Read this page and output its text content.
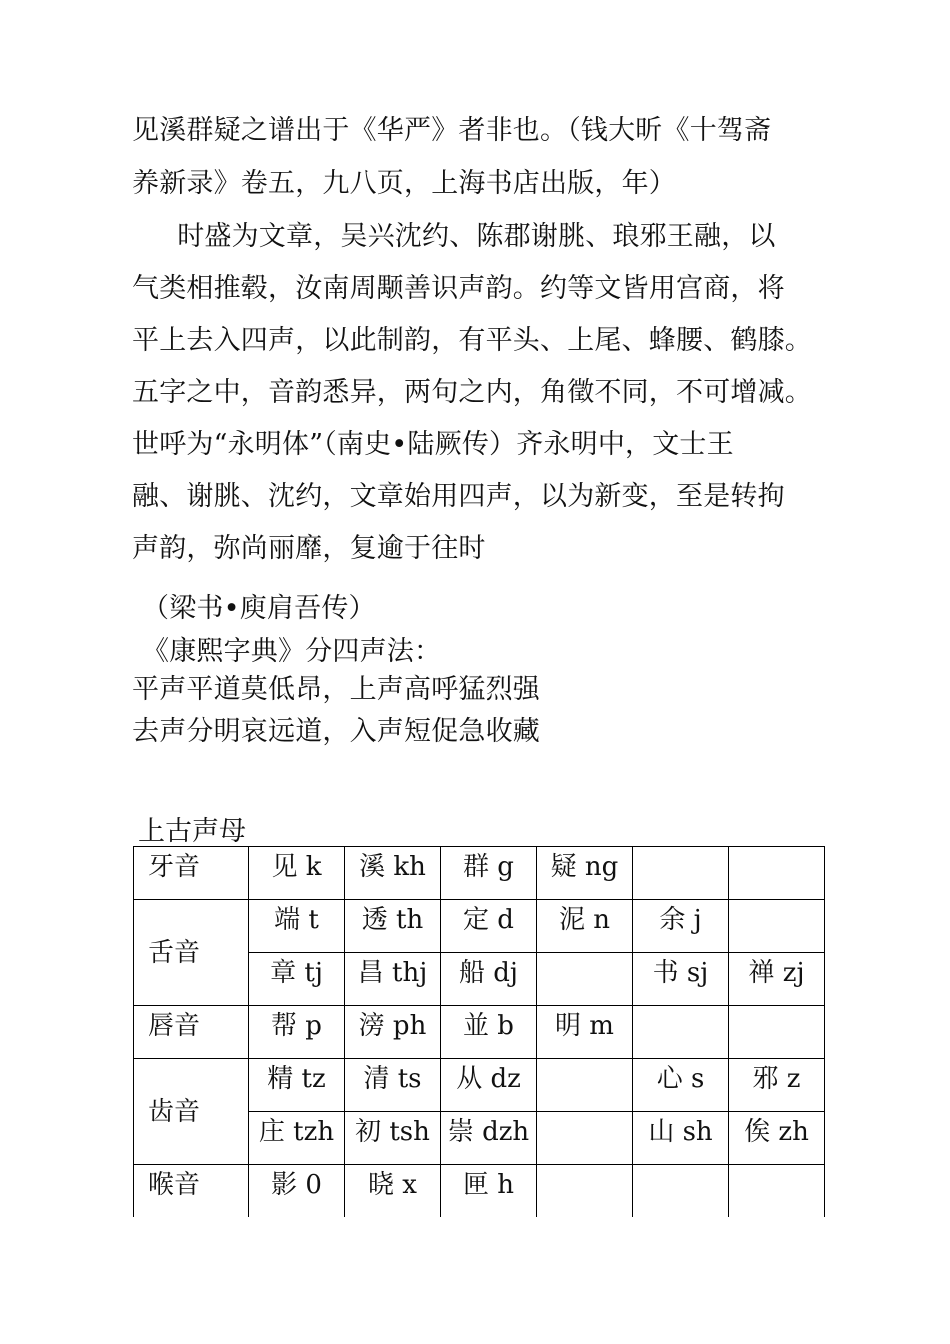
见溪群疑之谱出于《华严》者非也。（钱大昕《十驾斋
养新录》卷五，九八页，上海书店出版，年）
　时盛为文章，吴兴沈约、陈郡谢朓、琅邪王融，以
气类相推毂，汝南周颙善识声韵。约等文皆用宫商，将
平上去入四声，以此制韵，有平头、上尾、蜂腰、鹤膝。
五字之中，音韵悉异，两句之内，角徵不同，不可增减。
世呼为“永明体”（南史•陆厥传）齐永明中，文士王
融、谢朓、沈约，文章始用四声，以为新变，至是转拘
声韵，弥尚丽靡，复逾于往时
（梁书•庾肩吾传）
《康熙字典》分四声法：
平声平道莫低昂，上声高呼猛烈强
去声分明哀远道，入声短促急收藏
上古声母
牙音	见 k	溪 kh	群 g	疑 ng		
舌音	端 t	透 th	定 d	泥 n	余 j	
	章 tj	昌 thj	船 dj		书 sj	禅 zj
唇音	帮 p	滂 ph	並 b	明 m		
齿音	精 tz	清 ts	从 dz		心 s	邪 z
	庄 tzh	初 tsh	崇 dzh		山 sh	俟 zh
喉音	影 0	晓 x	匣 h			
